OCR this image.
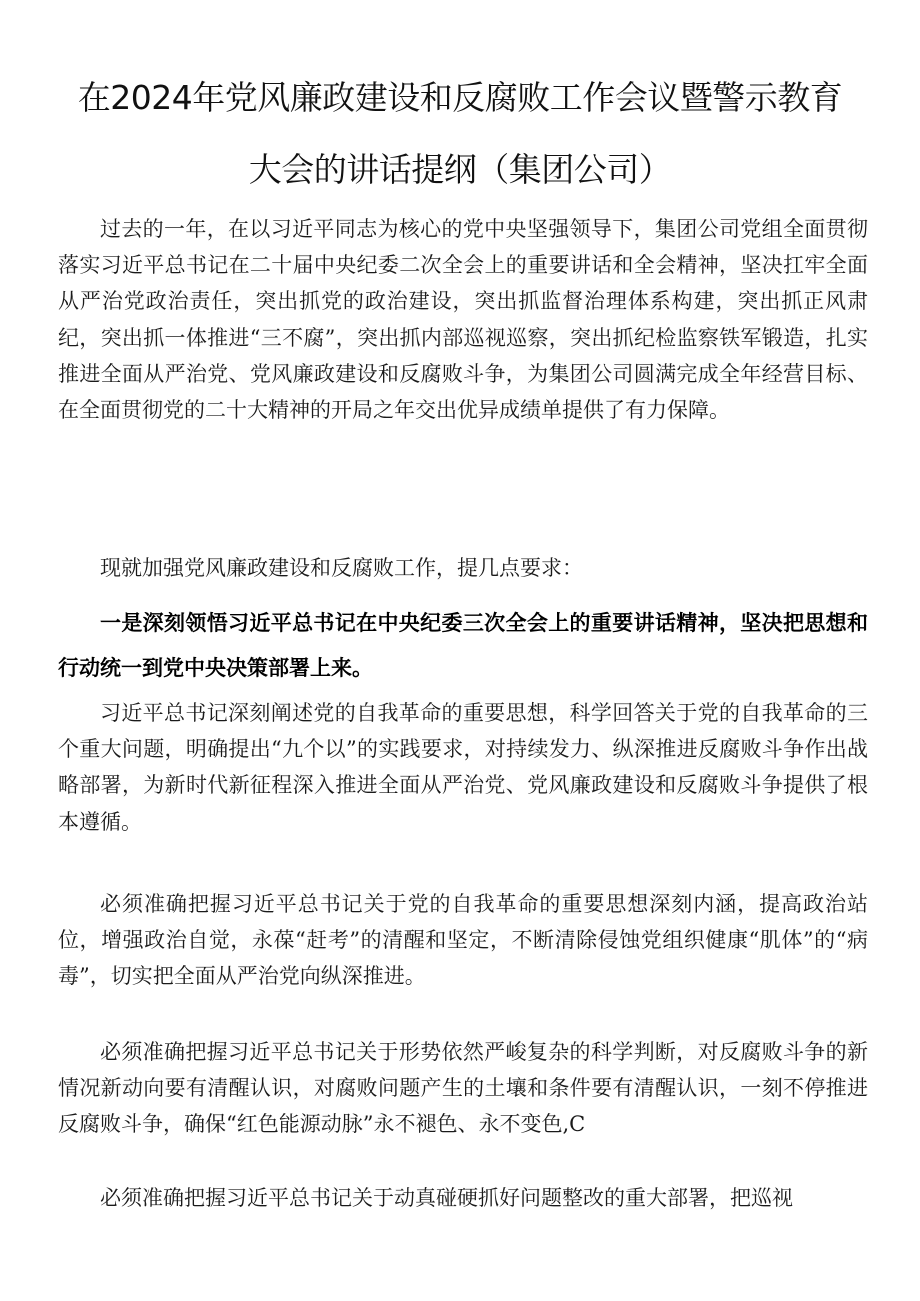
在2024年党风廉政建设和反腐败工作会议暨警示教育
大会的讲话提纲（集团公司）

过去的一年，在以习近平同志为核心的党中央坚强领导下，集团公司党组全面贯彻落实习近平总书记在二十届中央纪委二次全会上的重要讲话和全会精神，坚决扛牢全面从严治党政治责任，突出抓党的政治建设，突出抓监督治理体系构建，突出抓正风肃纪，突出抓一体推进“三不腐”，突出抓内部巡视巡察，突出抓纪检监察铁军锻造，扎实推进全面从严治党、党风廉政建设和反腐败斗争，为集团公司圆满完成全年经营目标、在全面贯彻党的二十大精神的开局之年交出优异成绩单提供了有力保障。

现就加强党风廉政建设和反腐败工作，提几点要求：

一是深刻领悟习近平总书记在中央纪委三次全会上的重要讲话精神，坚决把思想和行动统一到党中央决策部署上来。

习近平总书记深刻阐述党的自我革命的重要思想，科学回答关于党的自我革命的三个重大问题，明确提出“九个以”的实践要求，对持续发力、纵深推进反腐败斗争作出战略部署，为新时代新征程深入推进全面从严治党、党风廉政建设和反腐败斗争提供了根本遵循。

必须准确把握习近平总书记关于党的自我革命的重要思想深刻内涵，提高政治站位，增强政治自觉，永葆“赶考”的清醒和坚定，不断清除侵蚀党组织健康“肌体”的“病毒”，切实把全面从严治党向纵深推进。

必须准确把握习近平总书记关于形势依然严峻复杂的科学判断，对反腐败斗争的新情况新动向要有清醒认识，对腐败问题产生的土壤和条件要有清醒认识，一刻不停推进反腐败斗争，确保“红色能源动脉”永不褪色、永不变色,C

必须准确把握习近平总书记关于动真碰硬抓好问题整改的重大部署，把巡视
